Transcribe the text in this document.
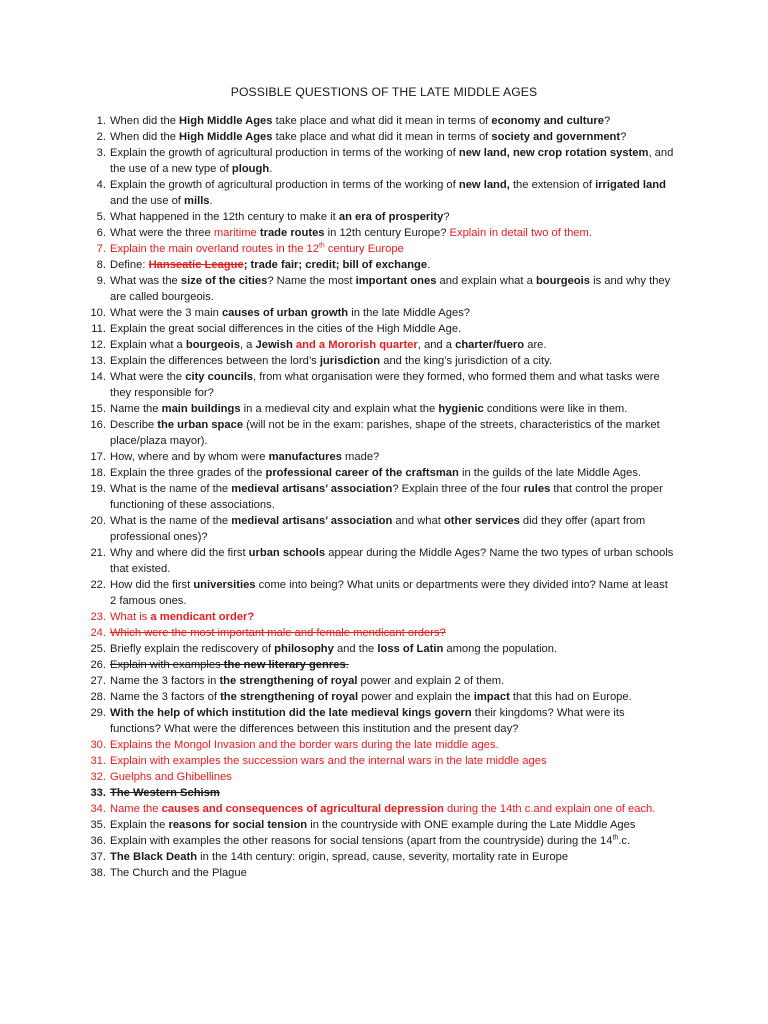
POSSIBLE QUESTIONS OF THE LATE MIDDLE AGES
1. When did the High Middle Ages take place and what did it mean in terms of economy and culture?
2. When did the High Middle Ages take place and what did it mean in terms of society and government?
3. Explain the growth of agricultural production in terms of the working of new land, new crop rotation system, and the use of a new type of plough.
4. Explain the growth of agricultural production in terms of the working of new land, the extension of irrigated land and the use of mills.
5. What happened in the 12th century to make it an era of prosperity?
6. What were the three maritime trade routes in 12th century Europe? Explain in detail two of them.
7. Explain the main overland routes in the 12th century Europe
8. Define: Hanseatic League; trade fair; credit; bill of exchange.
9. What was the size of the cities? Name the most important ones and explain what a bourgeois is and why they are called bourgeois.
10. What were the 3 main causes of urban growth in the late Middle Ages?
11. Explain the great social differences in the cities of the High Middle Age.
12. Explain what a bourgeois, a Jewish and a Mororish quarter, and a charter/fuero are.
13. Explain the differences between the lord’s jurisdiction and the king’s jurisdiction of a city.
14. What were the city councils, from what organisation were they formed, who formed them and what tasks were they responsible for?
15. Name the main buildings in a medieval city and explain what the hygienic conditions were like in them.
16. Describe the urban space (will not be in the exam: parishes, shape of the streets, characteristics of the market place/plaza mayor).
17. How, where and by whom were manufactures made?
18. Explain the three grades of the professional career of the craftsman in the guilds of the late Middle Ages.
19. What is the name of the medieval artisans’ association? Explain three of the four rules that control the proper functioning of these associations.
20. What is the name of the medieval artisans’ association and what other services did they offer (apart from professional ones)?
21. Why and where did the first urban schools appear during the Middle Ages? Name the two types of urban schools that existed.
22. How did the first universities come into being? What units or departments were they divided into? Name at least 2 famous ones.
23. What is a mendicant order?
24. Which were the most important male and female mendicant orders?
25. Briefly explain the rediscovery of philosophy and the loss of Latin among the population.
26. Explain with examples the new literary genres.
27. Name the 3 factors in the strengthening of royal power and explain 2 of them.
28. Name the 3 factors of the strengthening of royal power and explain the impact that this had on Europe.
29. With the help of which institution did the late medieval kings govern their kingdoms? What were its functions? What were the differences between this institution and the present day?
30. Explains the Mongol Invasion and the border wars during the late middle ages.
31. Explain with examples the succession wars and the internal wars in the late middle ages
32. Guelphs and Ghibellines
33. The Western Schism
34. Name the causes and consequences of agricultural depression during the 14th c.and explain one of each.
35. Explain the reasons for social tension in the countryside with ONE example during the Late Middle Ages
36. Explain with examples the other reasons for social tensions (apart from the countryside) during the 14th.c.
37. The Black Death in the 14th century: origin, spread, cause, severity, mortality rate in Europe
38. The Church and the Plague
